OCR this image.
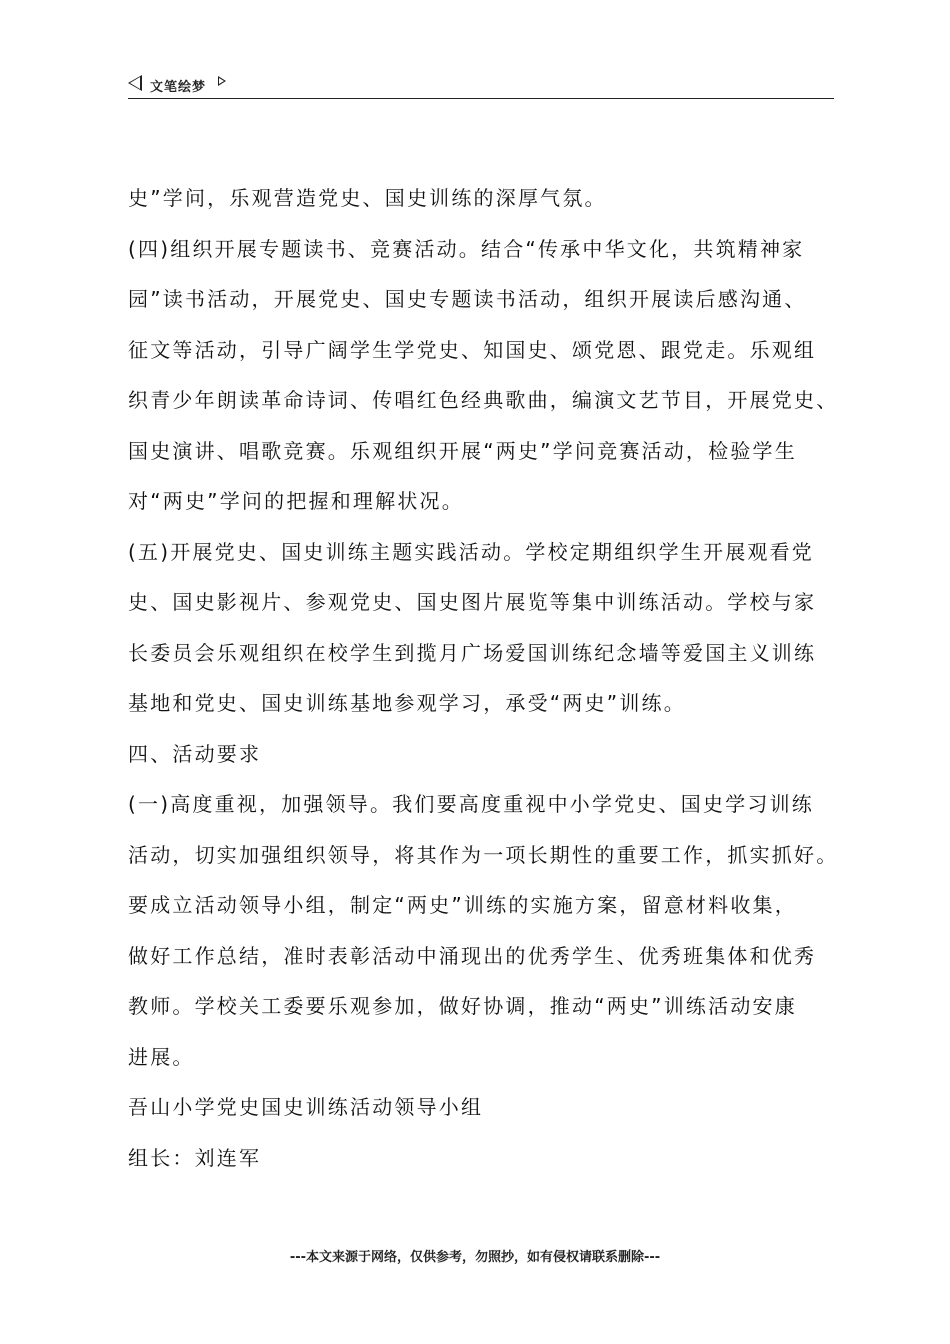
文笔绘梦
史”学问，乐观营造党史、国史训练的深厚气氛。
(四)组织开展专题读书、竞赛活动。结合“传承中华文化，共筑精神家
园”读书活动，开展党史、国史专题读书活动，组织开展读后感沟通、
征文等活动，引导广阔学生学党史、知国史、颂党恩、跟党走。乐观组
织青少年朗读革命诗词、传唱红色经典歌曲，编演文艺节目，开展党史、
国史演讲、唱歌竞赛。乐观组织开展“两史”学问竞赛活动，检验学生
对“两史”学问的把握和理解状况。
(五)开展党史、国史训练主题实践活动。学校定期组织学生开展观看党
史、国史影视片、参观党史、国史图片展览等集中训练活动。学校与家
长委员会乐观组织在校学生到揽月广场爱国训练纪念墙等爱国主义训练
基地和党史、国史训练基地参观学习，承受“两史”训练。
四、活动要求
(一)高度重视，加强领导。我们要高度重视中小学党史、国史学习训练
活动，切实加强组织领导，将其作为一项长期性的重要工作，抓实抓好。
要成立活动领导小组，制定“两史”训练的实施方案，留意材料收集，
做好工作总结，准时表彰活动中涌现出的优秀学生、优秀班集体和优秀
教师。学校关工委要乐观参加，做好协调，推动“两史”训练活动安康
进展。
吾山小学党史国史训练活动领导小组
组长：刘连军
---本文来源于网络，仅供参考，勿照抄，如有侵权请联系删除---
